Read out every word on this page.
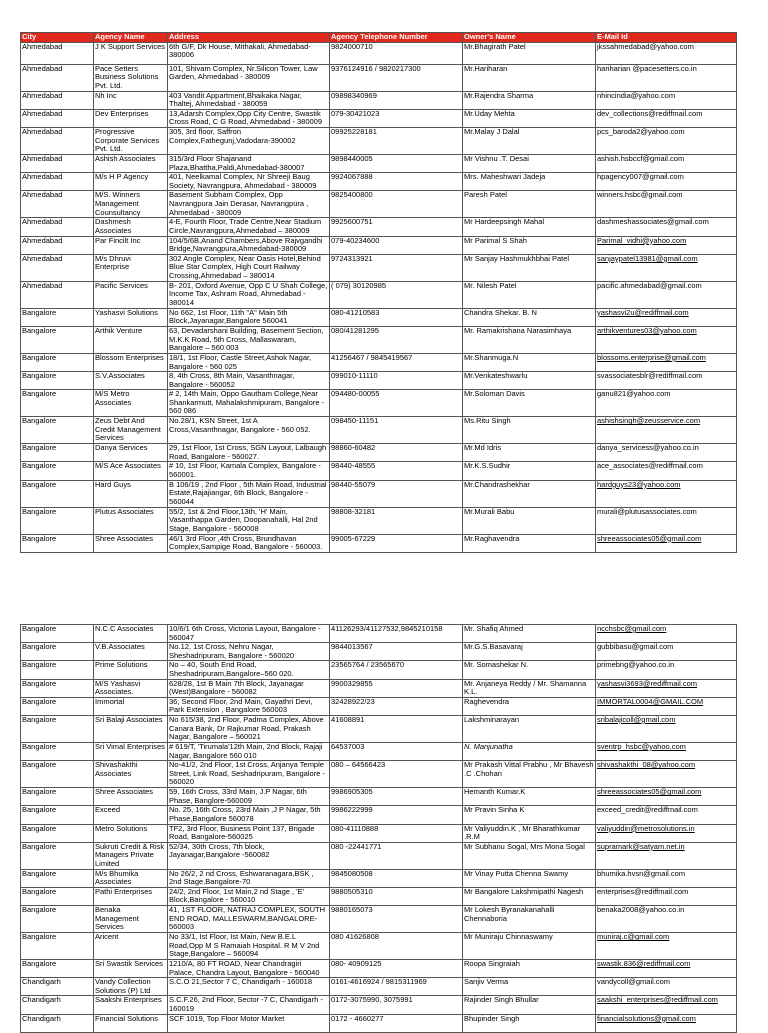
City	Agency Name	Address	Agency Telephone Number	Owner's Name	E-Mail Id
Ahmedabad	J K Support Services	6th G/F, Dk House, Mithakali, Ahmedabad-380006	9824000710	Mr.Bhagirath Patel	jkssahmedabad@yahoo.com
Ahmedabad	Pace Setters Business Solutions Pvt. Ltd.	101, Shivam Complex, Nr.Silicon Tower, Law Garden, Ahmedabad - 380009	9376124916 / 9820217300	Mr.Hariharan	hariharian @pacesetters.co.in
Ahmedabad	Nh Inc	403 Vandit Appartment,Bhaikaka Nagar, Thaltej, Ahmedabad - 380059	09898340969	Mr.Rajendra Sharma	nhincindia@yahoo.com
Ahmedabad	Dev Enterprises	13,Adarsh Complex,Opp City Centre, Swastik Cross Road, C G Road, Ahmedabad - 380009	079-30421023	Mr.Uday Mehta	dev_collections@rediffmail.com
Ahmedabad	Progressive Corporate Services Pvt. Ltd.	305, 3rd floor, Saffron Complex,Fathegunj,Vadodara-390002	09925228181	Mr.Malay J Dalal	pcs_baroda2@yahoo.com
Ahmedabad	Ashish Associates	315/3rd Floor Shajanand Plaza,Bhattha,Paldi,Ahmedabad-380007	9898440005	Mr Vishnu .T. Desai	ashish.hsbccf@gmail.com
Ahmedabad	M/s H P Agency	401, Neelkamal Complex, Nr Shreeji Baug Society, Navrangpura, Ahmedabad - 380009	9924067888	Mrs. Maheshwari Jadeja	hpagency007@gmail.com
Ahmedabad	M/S. Winners Management Counsultancy	Basement Subham Complex, Opp Navrangpura Jain Derasar, Navrangpura , Ahmedabad - 380009	9825400800	Paresh Patel	winners.hsbc@gmail.com
Ahmedabad	Dashmesh Associates	4-E, Fourth Floor, Trade Centre,Near Stadium Circle,Navrangpura,Ahmedabad – 380009	9925600751	Mr Hardeepsingh Mahal	dashmeshassociates@gmail.com
Ahmedabad	Par Fincilt Inc	104/5/6B,Anand Chambers,Above Rajvgandhi Bridge,Navrangpura,Ahmedabad-380009	079-40234600	Mr Parimal S Shah	Parimal_vidhi@yahoo.com
Ahmedabad	M/s Dhruvi Enterprise	302 Angle Complex, Near Oasis Hotel,Behind Blue Star Complex, High Court Railway Crossing,Ahmedabad – 380014	9724313921	Mr Sanjay Hashmukhbhai Patel	sanjaypatel13981@gmail.com
Ahmedabad	Pacific Services	B- 201, Oxford Avenue, Opp C U Shah College, Income Tax, Ashram Road, Ahmedabad - 380014	( 079) 30120985	Mr. Nilesh Patel	pacific.ahmedabad@gmail.com
Bangalore	Yashasvi Solutions	No 662, 1st Floor, 11th "A" Main 5th Block,Jayanagar,Bangalore 560041	080-41210583	Chandra Shekar. B. N	yashasvi2u@rediffmail.com
Bangalore	Arthik Venture	63, Devadarshani Building, Basement Section, M.K.K Road, 5th Cross, Mallaswaram, Bangalore – 560 003	080/41281295	Mr. Ramakrishana Narasimhaya	arthikventures03@yahoo.com
Bangalore	Blossom Enterprises	18/1, 1st Floor, Castle Street,Ashok Nagar, Bangalore - 560 025	41256467 / 9845419567	Mr.Shanmuga.N	blossoms.enterprise@gmail.com
Bangalore	S.V.Associates	8, 4th Cross, 8th Main, Vasanthnagar, Bangalore - 560052	099010-11110	Mr.Venkateshwarlu	svassociatesblr@rediffmail.com
Bangalore	M/S Metro Associates	# 2, 14th Main, Oppo Gautham College,Near Shankarmutt, Mahalakshmipuram, Bangalore - 560 086	094480-00055	Mr.Soloman Davis	ganu821@yahoo.com
Bangalore	Zeus Debt And Credit Management Services	No.28/1, KSN Street, 1st A Cross,Vasanthnagar, Bangalore - 560 052.	098450-11151	Ms.Ritu Singh	ashishsingh@zeusservice.com
Bangalore	Danya Services	29, 1st Floor, 1st Cross, SGN Layout, Lalbaugh Road, Bangalore - 560027.	98860-60482	Mr.Md Idris	danya_servicess@yahoo.co.in
Bangalore	M/S Ace Associates	# 10, 1st Floor, Kamala Complex, Bangalore - 560001.	98440-48555	Mr.K.S.Sudhir	ace_associates@rediffmail.com
Bangalore	Hard Guys	B 106/19 , 2nd Floor , 5th Main Road, Industrial Estate,Rajajiangar, 6th Block, Bangalore - 560044	98440-55079	Mr.Chandrashekhar	hardguys23@yahoo.com
Bangalore	Plutus Associates	55/2, 1st & 2nd Floor,13th, 'H' Main, Vasanthappa Garden, Doopanahalli, Hal 2nd Stage, Bangalore - 560008	98808-32181	Mr.Murali Babu	murali@plutusassociates.com
Bangalore	Shree Associates	46/1 3rd Floor ,4th Cross, Brundhavan Complex,Sampige Road, Bangalore - 560003.	99005-67229	Mr.Raghavendra	shreeassociates05@gmail.com
Bangalore	N.C.C Associates	10/6/1 6th Cross, Victoria Layout, Bangalore - 560047	41126293/41127532,9845210158	Mr. Shafiq Ahmed	ncchsbc@gmail.com
Bangalore	V.B.Associates	No.12, 1st Cross, Nehru Nagar, Sheshadripuram, Bangalore - 560020	9844013567	Mr.G.S.Basavaraj	gubbibasu@gmail.com
Bangalore	Prime Solutions	No – 40, South End Road, Sheshadripuram,Bangalore–560 020.	23565764 / 23565670	Mr. Somashekar N.	primebng@yahoo.co.in
Bangalore	M/S Yashasvi Associates.	628/28, 1st B Main 7th Block, Jayanagar (West)Bangalore - 560082	9900329855	Mr. Anjaneya Reddy / Mr. Shamanna K.L.	yashasvi3693@rediffmail.com
Bangalore	Immortal	36, Second Floor, 2nd Main, Gayathri Devi, Park Extension , Bangalore 560003	32428922/23	Raghevendra	IMMORTAL0004@GMAIL.COM
Bangalore	Sri Balaji Associates	No 615/38, 2nd Floor, Padma Complex, Above Canara Bank, Dr Rajkumar Road, Prakash Nagar, Bangalore – 560021	41608891	Lakshminarayan	sribalajicoll@gmail.com
Bangalore	Sri Vimal Enterprises	# 619/T, 'Tirumala'12th Main, 2nd Block, Rajaji Nagar, Bangalore 560 010	64537003	N. Manjunatha	sventrp_hsbc@yahoo.com
Bangalore	Shivashakthi Associates	No-41/2, 2nd Floor, 1st Cross, Anjanya Temple Street, Link Road, Seshadripuram, Bangalore - 560020	080 – 64566423	Mr Prakash Vittal Prabhu , Mr Bhavesh .C .Chohan	shivashakthi_08@yahoo.com
Bangalore	Shree Associates	59, 16th Cross, 33rd Main, J.P Nagar, 6th Phase, Banglore-560009	9986905305	Hemanth Kumar.K	shreeassociates05@gmail.com
Bangalore	Exceed	No. 25, 16th Cross, 23rd Main ,J P Nagar, 5th Phase,Bangalore 560078	9986222999	Mr Pravin Sinha K	exceed_credit@rediffmail.com
Bangalore	Metro Solutions	TF2, 3rd Floor, Business Point 137, Brigade Road, Bangalore-560025	080-41110888	Mr Valiyuddin.K , Mr Bharathkumar .R.M	valiyuddin@metrosolutions.in
Bangalore	Sukruti Credit & Risk Managers Private Limited	52/34, 30th Cross, 7th block, Jayanagar,Bangalore -560082	080 -22441771	Mr Subhanu Sogal, Mrs Mona Sogal	supramark@satyam.net.in
Bangalore	M/s Bhumika Associates	No 26/2, 2 nd Cross, Eshwaranagara,BSK , 2nd Stage,Bangalore-70	9845080508	Mr Vinay Putta Chenna Swamy	bhumika.hvsn@gmail.com
Bangalore	Pathi Enterprises	24/2, 2nd Floor, 1st Main,2 nd Stage , 'E' Block,Bangalore - 560010	9880505310	Mr Bangalore Lakshmipathi Nagesh	enterprises@rediffmail.com
Bangalore	Benaka Management Services	41, 1ST FLOOR, NATRAJ COMPLEX, SOUTH END ROAD, MALLESWARM,BANGALORE-560003	9880165073	Mr Lokesh Byranakanahalli Chennaboria	benaka2008@yahoo.co.in
Bangalore	Aricent	No 33/1, Ist Floor, Ist Main, New B.E.L Road,Opp M S Ramaiah Hospital. R M V 2nd Stage,Bangalore – 560094	080 41626808	Mr Muniraju Chinnaswamy	muniraj.c@gmail.com
Bangalore	Sri Swastik Services	1210/A, 80 FT ROAD, Near Chandragiri Palace, Chandra Layout, Bangalore - 560040	080- 40909125	Roopa Singraiah	swastik.836@rediffmail.com
Chandigarh	Vandy Collection Solutions (P) Ltd	S.C.O 21,Sector 7 C, Chandigarh - 160018	0161-4616924 / 9815311969	Sanjiv Verma	vandycoll@gmail.com
Chandigarh	Saakshi Enterprises	S.C.F.26, 2nd Floor, Sector -7 C, Chandigarh - 160019	0172-3075990, 3075991	Rajinder Singh Bhullar	saakshi_enterprises@rediffmail.com
Chandigarh	Financial Solutions	SCF 1019, Top Floor Motor Market	0172 - 4660277	Bhupinder Singh	financialsolutions@gmail.com
